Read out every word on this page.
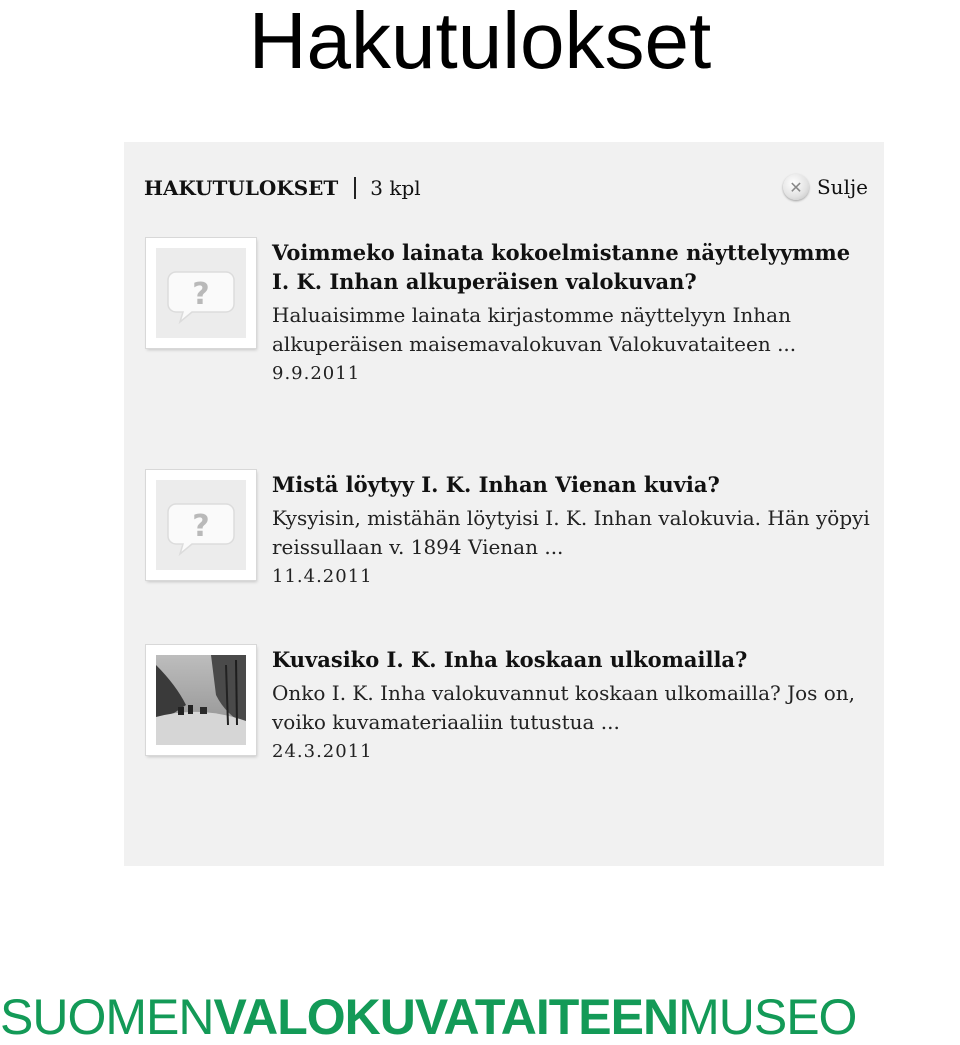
Hakutulokset
HAKUTULOKSET 3 kpl	✕ Sulje
?
Voimmeko lainata kokoelmistanne näyttelyymme I. K. Inhan alkuperäisen valokuvan?
Haluaisimme lainata kirjastomme näyttelyyn Inhan alkuperäisen maisemavalokuvan Valokuvataiteen ...
9.9.2011
?
Mistä löytyy I. K. Inhan Vienan kuvia?
Kysyisin, mistähän löytyisi I. K. Inhan valokuvia. Hän yöpyi reissullaan v. 1894 Vienan ...
11.4.2011
Kuvasiko I. K. Inha koskaan ulkomailla?
Onko I. K. Inha valokuvannut koskaan ulkomailla? Jos on, voiko kuvamateriaaliin tutustua ...
24.3.2011
SUOMENVALOKUVATAITEENMUSEO
